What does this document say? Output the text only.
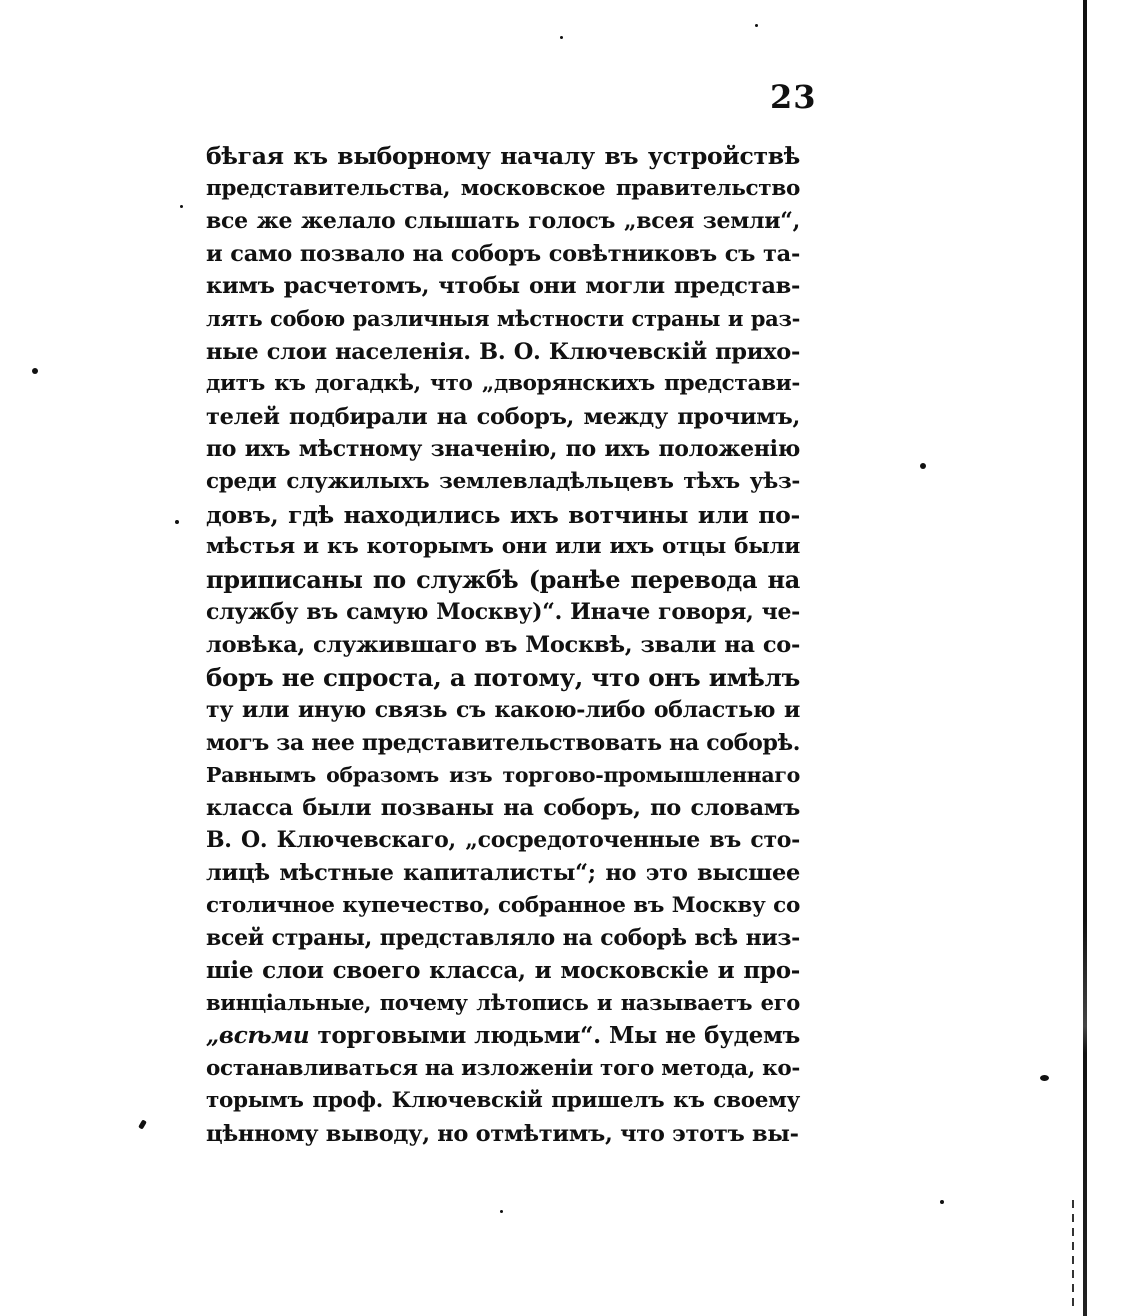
23
бѣгая къ выборному началу въ устройствѣ
представительства, московское правительство
все же желало слышать голосъ „всея земли“,
и само позвало на соборъ совѣтниковъ съ та-
кимъ расчетомъ, чтобы они могли представ-
лять собою различныя мѣстности страны и раз-
ные слои населенія. В. О. Ключевскій прихо-
дитъ къ догадкѣ, что „дворянскихъ представи-
телей подбирали на соборъ, между прочимъ,
по ихъ мѣстному значенію, по ихъ положенію
среди служилыхъ землевладѣльцевъ тѣхъ уѣз-
довъ, гдѣ находились ихъ вотчины или по-
мѣстья и къ которымъ они или ихъ отцы были
приписаны по службѣ (ранѣе перевода на
службу въ самую Москву)“. Иначе говоря, че-
ловѣка, служившаго въ Москвѣ, звали на со-
боръ не спроста, а потому, что онъ имѣлъ
ту или иную связь съ какою-либо областью и
могъ за нее представительствовать на соборѣ.
Равнымъ образомъ изъ торгово-промышленнаго
класса были позваны на соборъ, по словамъ
В. О. Ключевскаго, „сосредоточенные въ сто-
лицѣ мѣстные капиталисты“; но это высшее
столичное купечество, собранное въ Москву со
всей страны, представляло на соборѣ всѣ низ-
шіе слои своего класса, и московскіе и про-
винціальные, почему лѣтопись и называетъ его
„всѣми торговыми людьми“. Мы не будемъ
останавливаться на изложеніи того метода, ко-
торымъ проф. Ключевскій пришелъ къ своему
цѣнному выводу, но отмѣтимъ, что этотъ вы-
